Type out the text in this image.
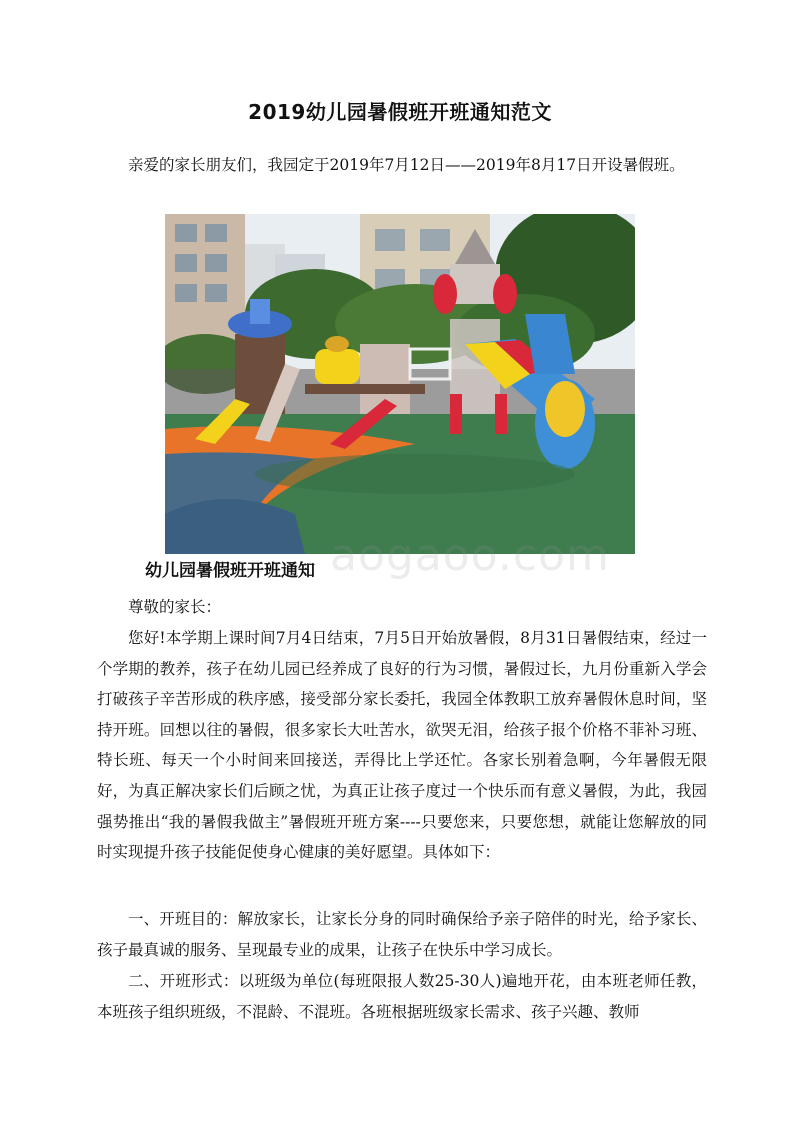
2019幼儿园暑假班开班通知范文
亲爱的家长朋友们，我园定于2019年7月12日——2019年8月17日开设暑假班。
aogaoo.com
幼儿园暑假班开班通知
尊敬的家长：
您好!本学期上课时间7月4日结束，7月5日开始放暑假，8月31日暑假结束，经过一个学期的教养，孩子在幼儿园已经养成了良好的行为习惯，暑假过长，九月份重新入学会打破孩子辛苦形成的秩序感，接受部分家长委托，我园全体教职工放弃暑假休息时间，坚持开班。回想以往的暑假，很多家长大吐苦水，欲哭无泪，给孩子报个价格不菲补习班、特长班、每天一个小时间来回接送，弄得比上学还忙。各家长别着急啊，今年暑假无限好，为真正解决家长们后顾之忧，为真正让孩子度过一个快乐而有意义暑假，为此，我园强势推出“我的暑假我做主”暑假班开班方案----只要您来，只要您想，就能让您解放的同时实现提升孩子技能促使身心健康的美好愿望。具体如下：
一、开班目的：解放家长，让家长分身的同时确保给予亲子陪伴的时光，给予家长、孩子最真诚的服务、呈现最专业的成果，让孩子在快乐中学习成长。
二、开班形式：以班级为单位(每班限报人数25-30人)遍地开花，由本班老师任教，本班孩子组织班级，不混龄、不混班。各班根据班级家长需求、孩子兴趣、教师
